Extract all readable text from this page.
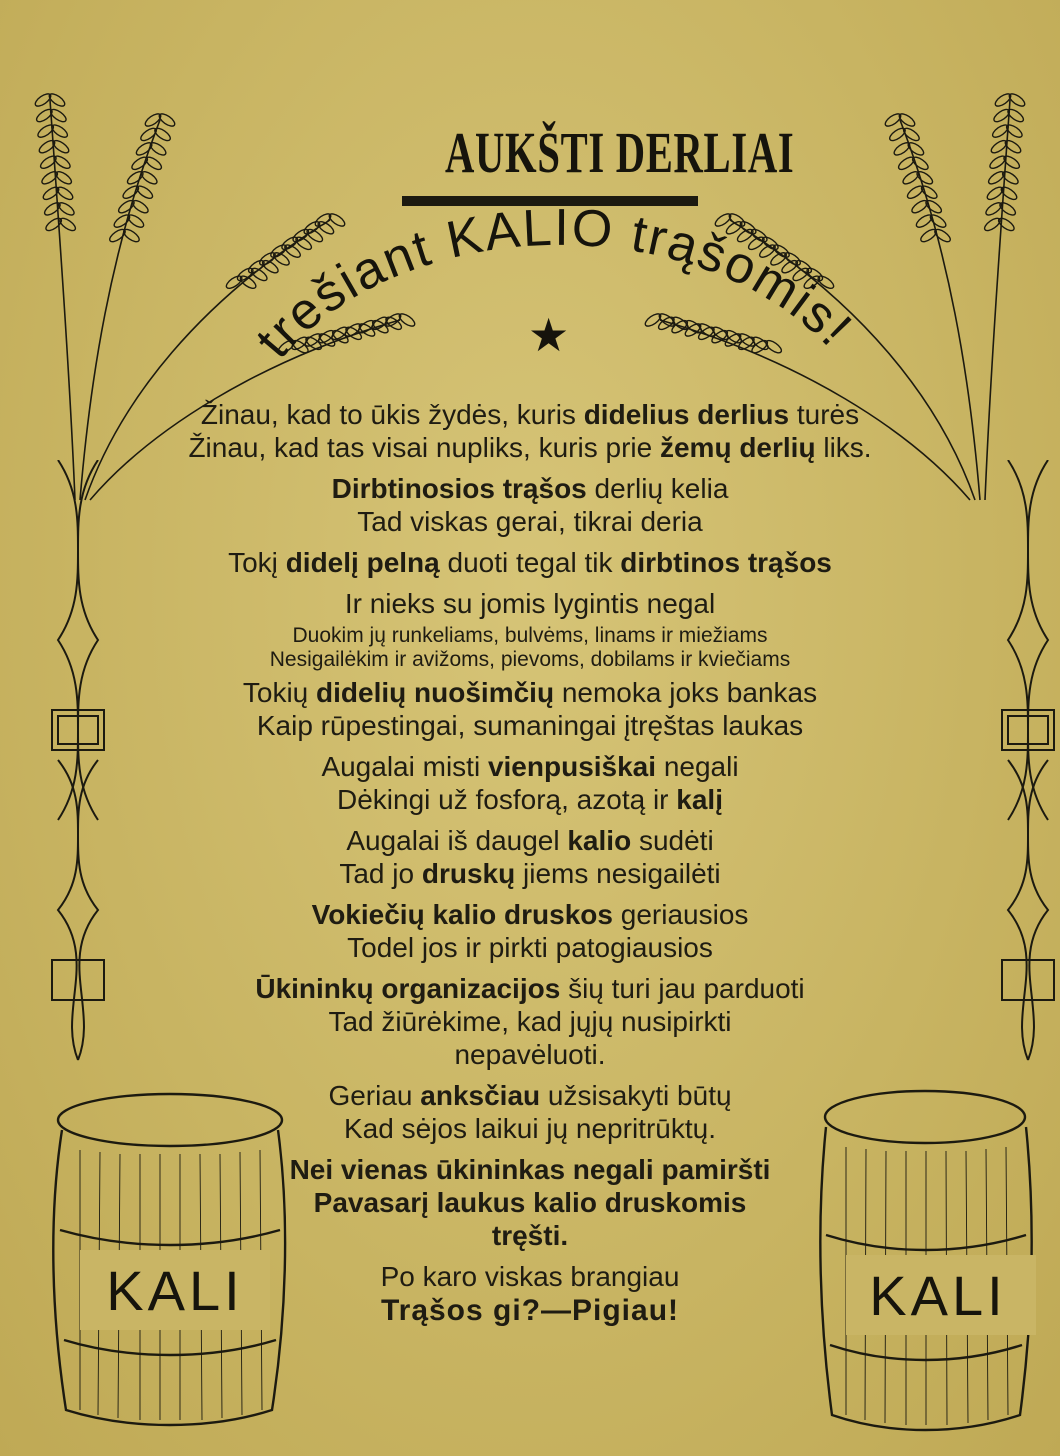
AUKŠTI DERLIAI
trešiant KALIO trąšomis!
★
Žinau, kad to ūkis žydės, kuris didelius derlius turės
Žinau, kad tas visai nupliks, kuris prie žemų derlių liks.
Dirbtinosios trąšos derlių kelia
Tad viskas gerai, tikrai deria
Tokį didelį pelną duoti tegal tik dirbtinos trąšos
Ir nieks su jomis lygintis negal
Duokim jų runkeliams, bulvėms, linams ir miežiams
Nesigailėkim ir avižoms, pievoms, dobilams ir kviečiams
Tokių didelių nuošimčių nemoka joks bankas
Kaip rūpestingai, sumaningai įtręštas laukas
Augalai misti vienpusiškai negali
Dėkingi už fosforą, azotą ir kalį
Augalai iš daugel kalio sudėti
Tad jo druskų jiems nesigailėti
Vokiečių kalio druskos geriausios
Todel jos ir pirkti patogiausios
Ūkininkų organizacijos šių turi jau parduoti
Tad žiūrėkime, kad jųjų nusipirkti
nepavėluoti.
Geriau anksčiau užsisakyti būtų
Kad sėjos laikui jų nepritrūktų.
Nei vienas ūkininkas negali pamiršti
Pavasarį laukus kalio druskomis
tręšti.
Po karo viskas brangiau
Trąšos gi?—Pigiau!
KALI	KALI
